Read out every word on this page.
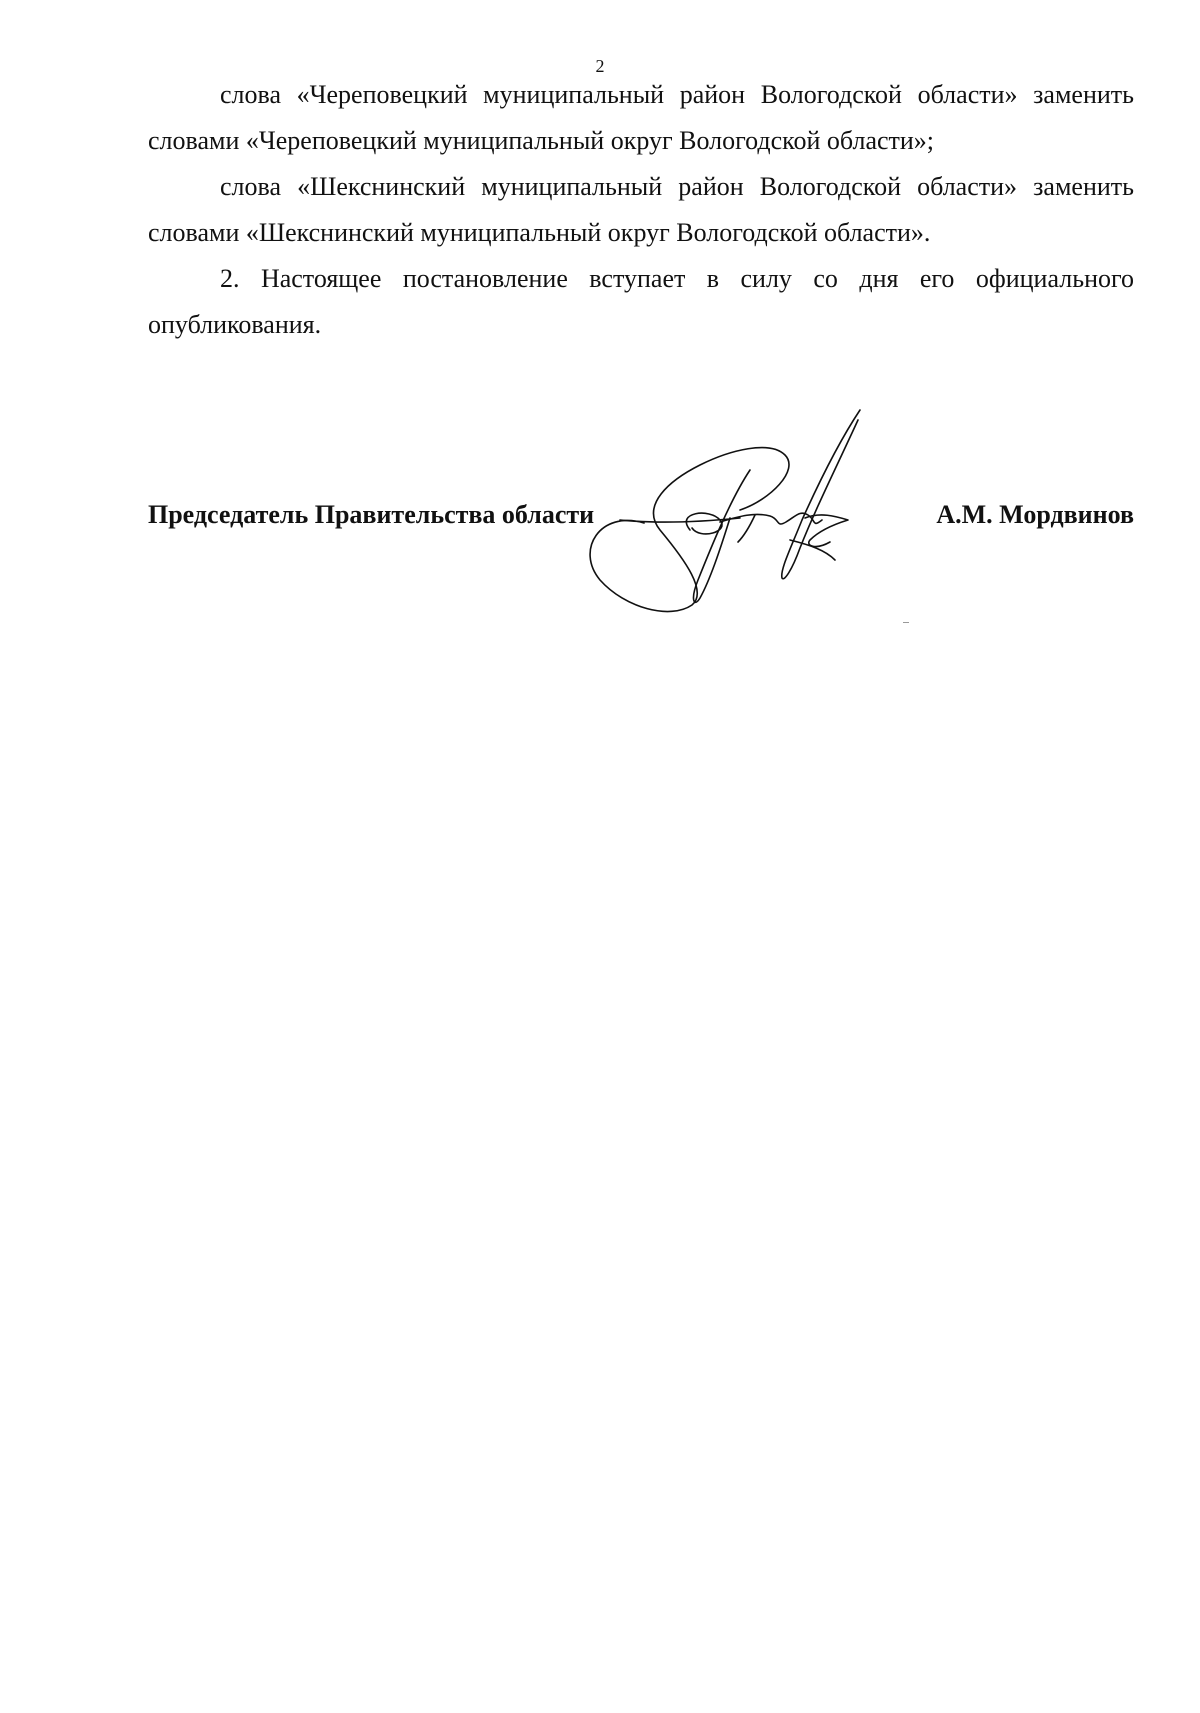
2

слова «Череповецкий муниципальный район Вологодской области» заменить словами «Череповецкий муниципальный округ Вологодской области»;

слова «Шекснинский муниципальный район Вологодской области» заменить словами «Шекснинский муниципальный округ Вологодской области».

2. Настоящее постановление вступает в силу со дня его официального опубликования.

Председатель Правительства области	А.М. Мордвинов
